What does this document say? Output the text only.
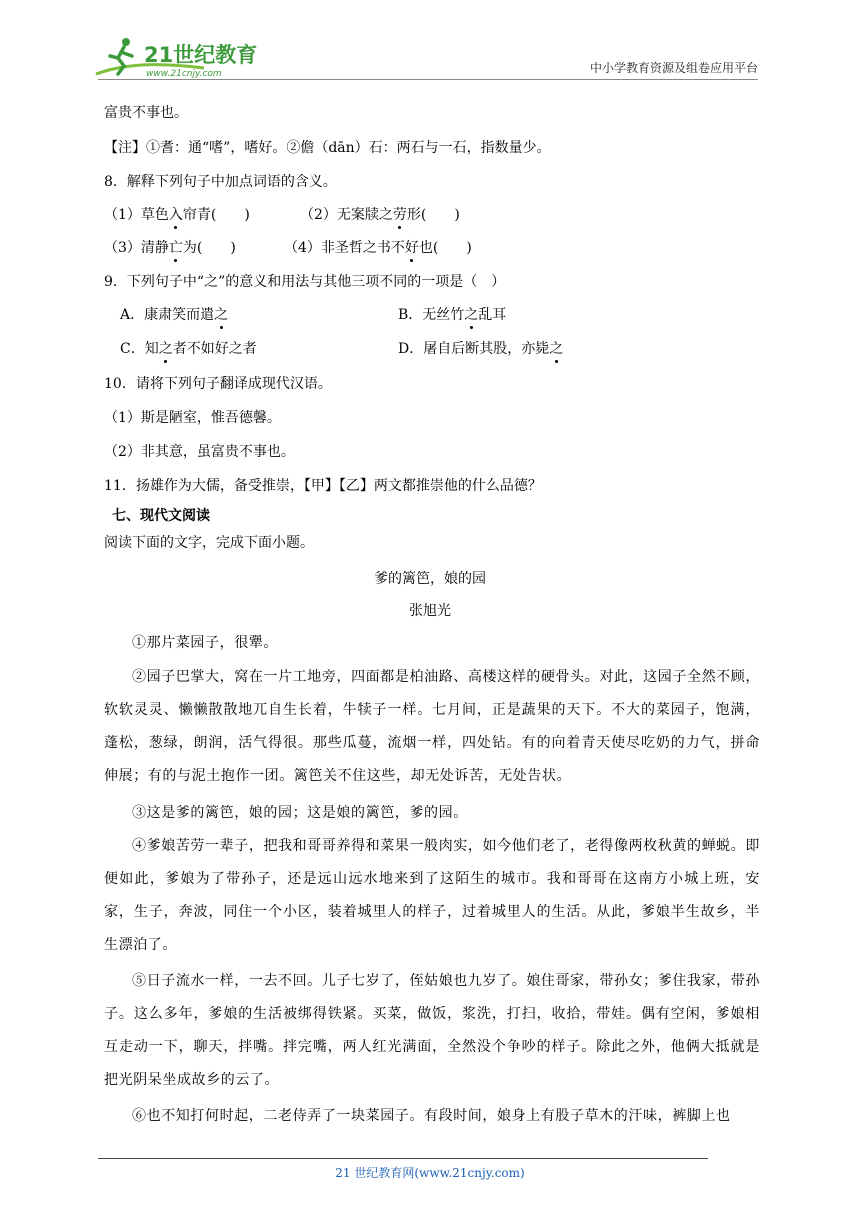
21世纪教育
www.21cnjy.com	中小学教育资源及组卷应用平台
富贵不事也。
【注】①耆：通“嗜”，嗜好。②儋（dān）石：两石与一石，指数量少。
8．解释下列句子中加点词语的含义。
（1）草色入帘青(　　)	（2）无案牍之劳形(　　)
（3）清静亡为(　　)	（4）非圣哲之书不好也(　　)
9．下列句子中“之”的意义和用法与其他三项不同的一项是（　）
A．康肃笑而遣之	B．无丝竹之乱耳
C．知之者不如好之者	D．屠自后断其股，亦毙之
10．请将下列句子翻译成现代汉语。
（1）斯是陋室，惟吾德馨。
（2）非其意，虽富贵不事也。
11．扬雄作为大儒，备受推崇，【甲】【乙】两文都推崇他的什么品德？
七、现代文阅读
阅读下面的文字，完成下面小题。
爹的篱笆，娘的园
张旭光
①那片菜园子，很犟。
②园子巴掌大，窝在一片工地旁，四面都是柏油路、高楼这样的硬骨头。对此，这园子全然不顾，软软灵灵、懒懒散散地兀自生长着，牛犊子一样。七月间，正是蔬果的天下。不大的菜园子，饱满，蓬松，葱绿，朗润，活气得很。那些瓜蔓，流烟一样，四处钻。有的向着青天使尽吃奶的力气，拼命伸展；有的与泥土抱作一团。篱笆关不住这些，却无处诉苦，无处告状。
③这是爹的篱笆，娘的园；这是娘的篱笆，爹的园。
④爹娘苦劳一辈子，把我和哥哥养得和菜果一般肉实，如今他们老了，老得像两枚秋黄的蝉蜕。即便如此，爹娘为了带孙子，还是远山远水地来到了这陌生的城市。我和哥哥在这南方小城上班，安家，生子，奔波，同住一个小区，装着城里人的样子，过着城里人的生活。从此，爹娘半生故乡，半生漂泊了。
⑤日子流水一样，一去不回。儿子七岁了，侄姑娘也九岁了。娘住哥家，带孙女；爹住我家，带孙子。这么多年，爹娘的生活被绑得铁紧。买菜，做饭，浆洗，打扫，收拾，带娃。偶有空闲，爹娘相互走动一下，聊天，拌嘴。拌完嘴，两人红光满面，全然没个争吵的样子。除此之外，他俩大抵就是把光阴呆坐成故乡的云了。
⑥也不知打何时起，二老侍弄了一块菜园子。有段时间，娘身上有股子草木的汗味，裤脚上也
21 世纪教育网(www.21cnjy.com)
